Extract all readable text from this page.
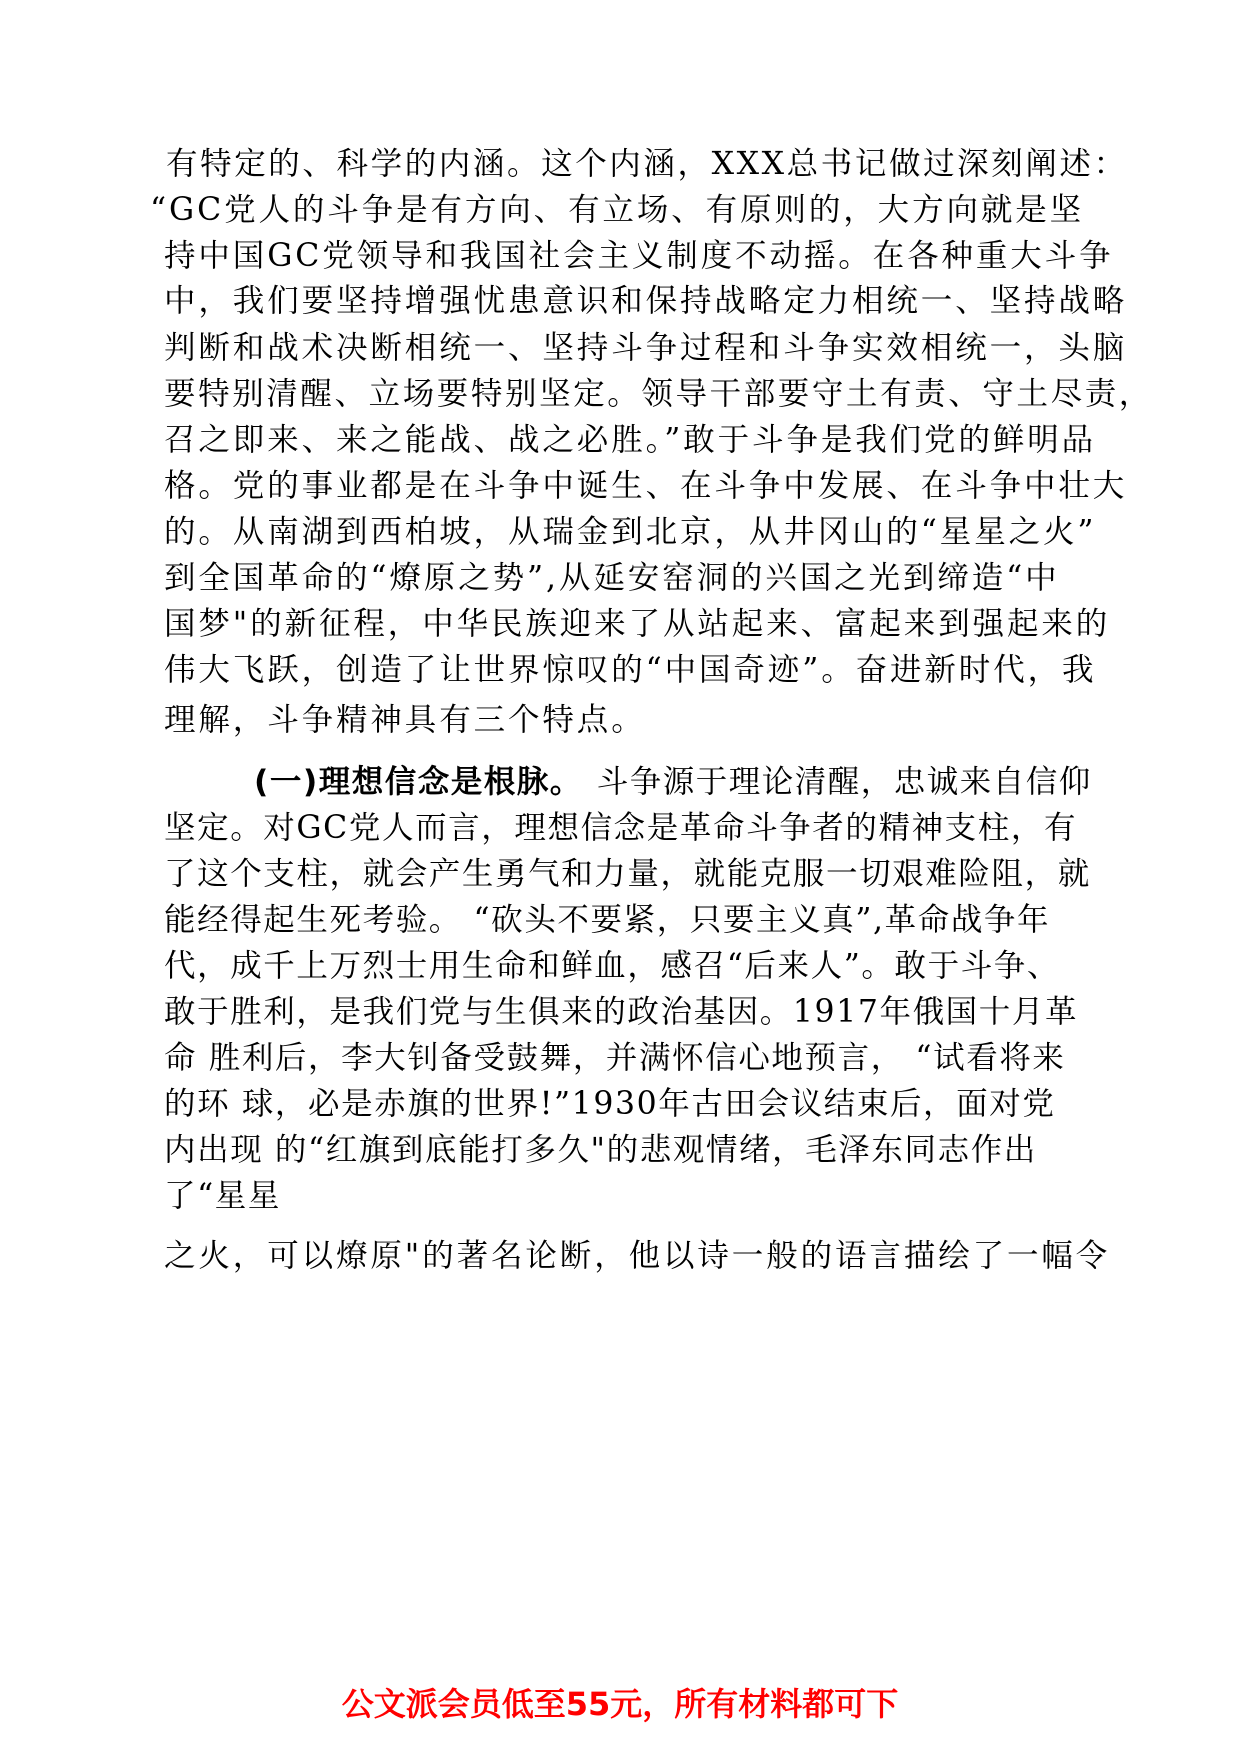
有特定的、科学的内涵。这个内涵，XXX总书记做过深刻阐述：
“GC党人的斗争是有方向、有立场、有原则的，大方向就是坚
持中国GC党领导和我国社会主义制度不动摇。在各种重大斗争
中，我们要坚持增强忧患意识和保持战略定力相统一、坚持战略
判断和战术决断相统一、坚持斗争过程和斗争实效相统一，头脑
要特别清醒、立场要特别坚定。领导干部要守土有责、守土尽责，
召之即来、来之能战、战之必胜。”敢于斗争是我们党的鲜明品
格。党的事业都是在斗争中诞生、在斗争中发展、在斗争中壮大
的。从南湖到西柏坡，从瑞金到北京，从井冈山的“星星之火”
到全国革命的“燎原之势”,从延安窑洞的兴国之光到缔造“中
国梦"的新征程，中华民族迎来了从站起来、富起来到强起来的
伟大飞跃，创造了让世界惊叹的“中国奇迹”。奋进新时代，我
理解，斗争精神具有三个特点。
(一)理想信念是根脉。 斗争源于理论清醒，忠诚来自信仰
坚定。对GC党人而言，理想信念是革命斗争者的精神支柱，有
了这个支柱，就会产生勇气和力量，就能克服一切艰难险阻，就
能经得起生死考验。 “砍头不要紧，只要主义真”,革命战争年
代，成千上万烈士用生命和鲜血，感召“后来人”。敢于斗争、
敢于胜利，是我们党与生俱来的政治基因。1917年俄国十月革
命 胜利后，李大钊备受鼓舞，并满怀信心地预言， “试看将来
的环 球，必是赤旗的世界!”1930年古田会议结束后，面对党
内出现 的“红旗到底能打多久"的悲观情绪，毛泽东同志作出
了“星星
之火，可以燎原"的著名论断，他以诗一般的语言描绘了一幅令
公文派会员低至55元，所有材料都可下
